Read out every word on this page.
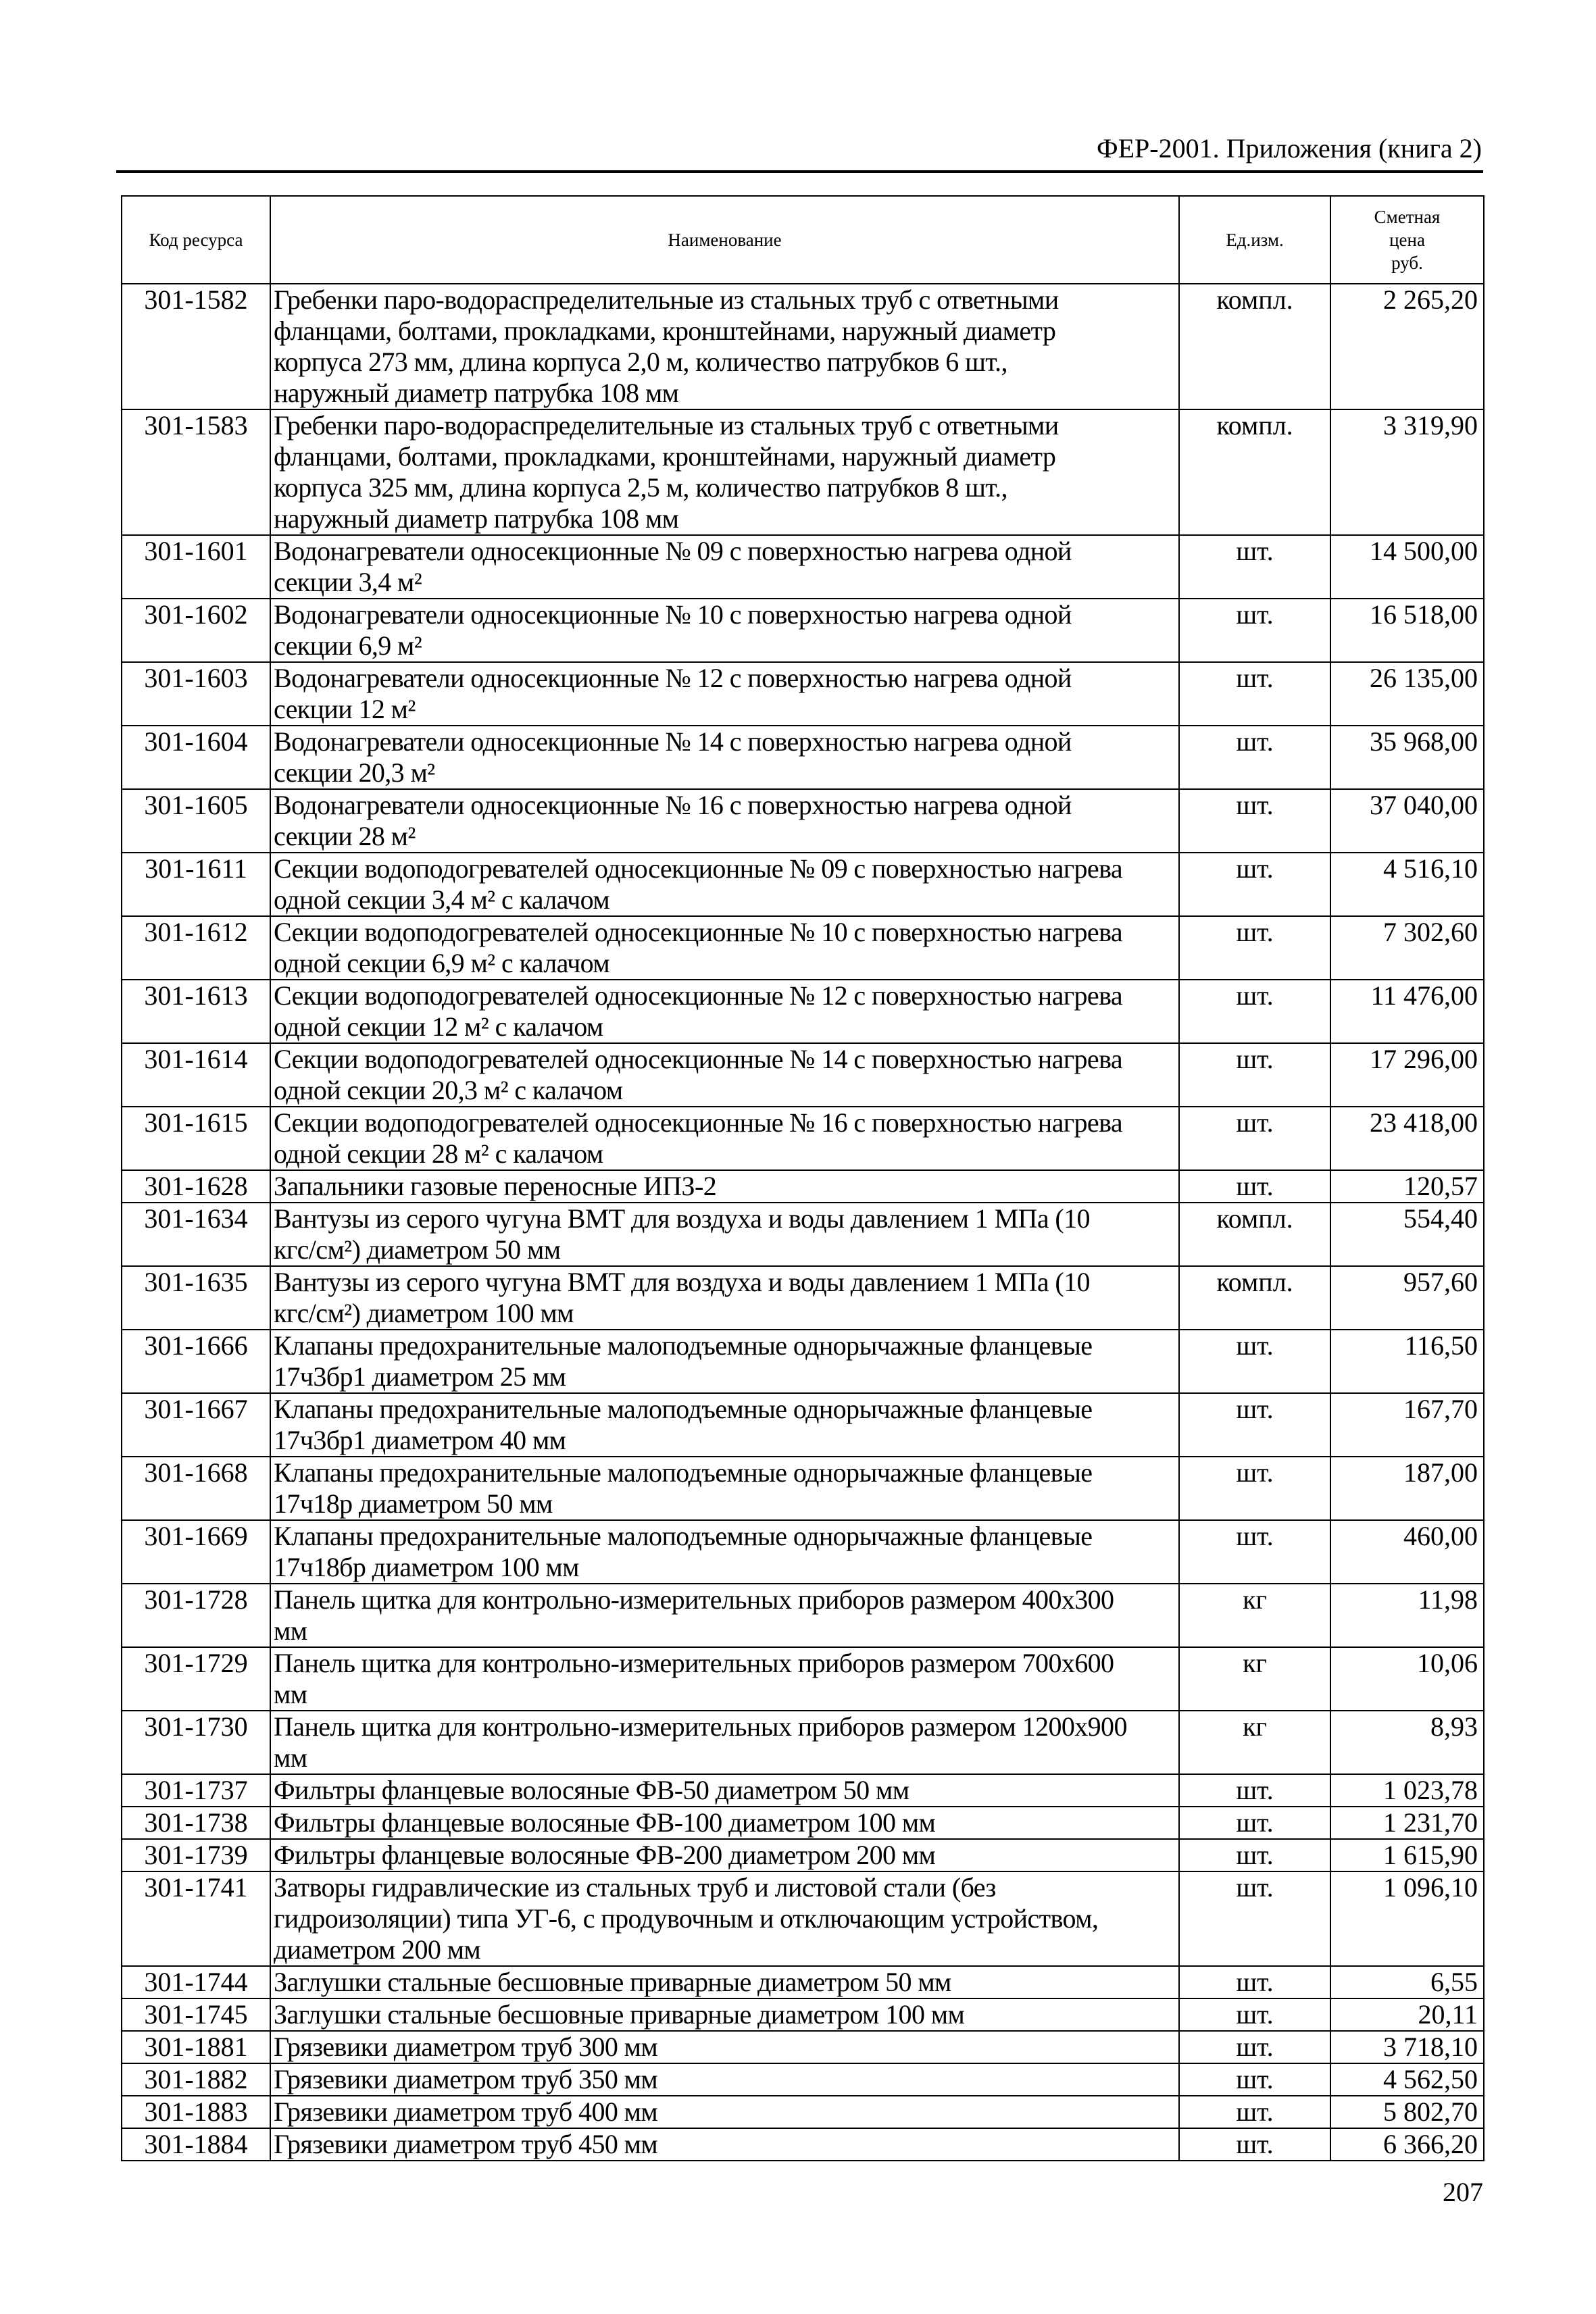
ФЕР-2001. Приложения (книга 2)
Код ресурса	Наименование	Ед.изм.	Сметная
цена
руб.

301-1582	Гребенки паро-водораспределительные из стальных труб с ответными
фланцами, болтами, прокладками, кронштейнами, наружный диаметр
корпуса 273 мм, длина корпуса 2,0 м, количество патрубков 6 шт.,
наружный диаметр патрубка 108 мм	компл.	2 265,20
301-1583	Гребенки паро-водораспределительные из стальных труб с ответными
фланцами, болтами, прокладками, кронштейнами, наружный диаметр
корпуса 325 мм, длина корпуса 2,5 м, количество патрубков 8 шт.,
наружный диаметр патрубка 108 мм	компл.	3 319,90
301-1601	Водонагреватели односекционные № 09 с поверхностью нагрева одной
секции 3,4 м²	шт.	14 500,00
301-1602	Водонагреватели односекционные № 10 с поверхностью нагрева одной
секции 6,9 м²	шт.	16 518,00
301-1603	Водонагреватели односекционные № 12 с поверхностью нагрева одной
секции 12 м²	шт.	26 135,00
301-1604	Водонагреватели односекционные № 14 с поверхностью нагрева одной
секции 20,3 м²	шт.	35 968,00
301-1605	Водонагреватели односекционные № 16 с поверхностью нагрева одной
секции 28 м²	шт.	37 040,00
301-1611	Секции водоподогревателей односекционные № 09 с поверхностью нагрева
одной секции 3,4 м² с калачом	шт.	4 516,10
301-1612	Секции водоподогревателей односекционные № 10 с поверхностью нагрева
одной секции 6,9 м² с калачом	шт.	7 302,60
301-1613	Секции водоподогревателей односекционные № 12 с поверхностью нагрева
одной секции 12 м² с калачом	шт.	11 476,00
301-1614	Секции водоподогревателей односекционные № 14 с поверхностью нагрева
одной секции 20,3 м² с калачом	шт.	17 296,00
301-1615	Секции водоподогревателей односекционные № 16 с поверхностью нагрева
одной секции 28 м² с калачом	шт.	23 418,00
301-1628	Запальники газовые переносные ИПЗ-2	шт.	120,57
301-1634	Вантузы из серого чугуна ВМТ для воздуха и воды давлением 1 МПа (10
кгс/см²) диаметром 50 мм	компл.	554,40
301-1635	Вантузы из серого чугуна ВМТ для воздуха и воды давлением 1 МПа (10
кгс/см²) диаметром 100 мм	компл.	957,60
301-1666	Клапаны предохранительные малоподъемные однорычажные фланцевые
17ч3бр1 диаметром 25 мм	шт.	116,50
301-1667	Клапаны предохранительные малоподъемные однорычажные фланцевые
17ч3бр1 диаметром 40 мм	шт.	167,70
301-1668	Клапаны предохранительные малоподъемные однорычажные фланцевые
17ч18р диаметром 50 мм	шт.	187,00
301-1669	Клапаны предохранительные малоподъемные однорычажные фланцевые
17ч18бр диаметром 100 мм	шт.	460,00
301-1728	Панель щитка для контрольно-измерительных приборов размером 400х300
мм	кг	11,98
301-1729	Панель щитка для контрольно-измерительных приборов размером 700х600
мм	кг	10,06
301-1730	Панель щитка для контрольно-измерительных приборов размером 1200х900
мм	кг	8,93
301-1737	Фильтры фланцевые волосяные ФВ-50 диаметром 50 мм	шт.	1 023,78
301-1738	Фильтры фланцевые волосяные ФВ-100 диаметром 100 мм	шт.	1 231,70
301-1739	Фильтры фланцевые волосяные ФВ-200 диаметром 200 мм	шт.	1 615,90
301-1741	Затворы гидравлические из стальных труб и листовой стали (без
гидроизоляции) типа УГ-6, с продувочным и отключающим устройством,
диаметром 200 мм	шт.	1 096,10
301-1744	Заглушки стальные бесшовные приварные диаметром 50 мм	шт.	6,55
301-1745	Заглушки стальные бесшовные приварные диаметром 100 мм	шт.	20,11
301-1881	Грязевики диаметром труб 300 мм	шт.	3 718,10
301-1882	Грязевики диаметром труб 350 мм	шт.	4 562,50
301-1883	Грязевики диаметром труб 400 мм	шт.	5 802,70
301-1884	Грязевики диаметром труб 450 мм	шт.	6 366,20
207
